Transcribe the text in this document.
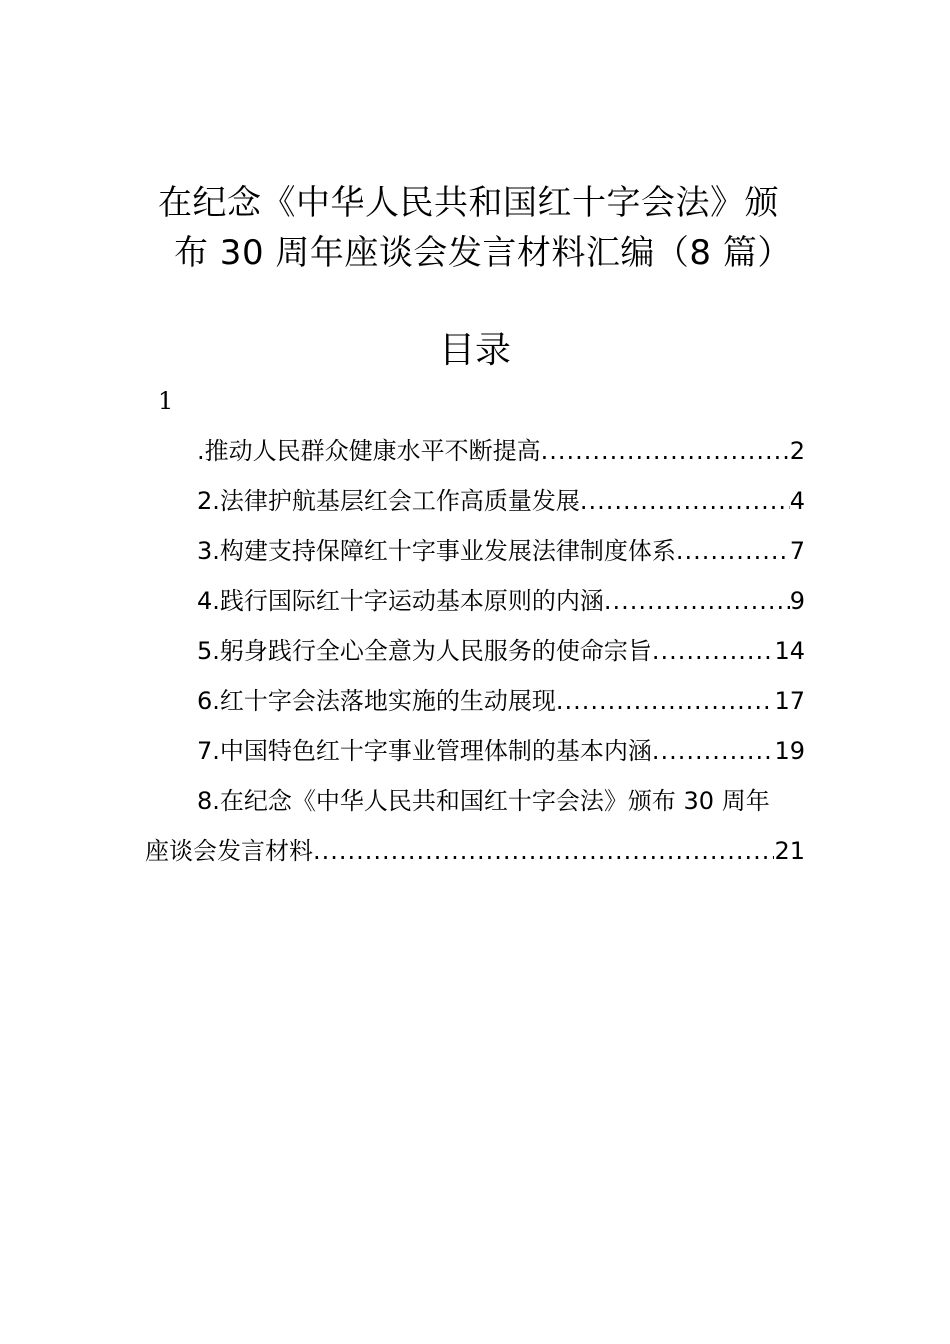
在纪念《中华人民共和国红十字会法》颁
布 30 周年座谈会发言材料汇编（8 篇）
目录
1
.推动人民群众健康水平不断提高 .....	2
2.法律护航基层红会工作高质量发展 .....	4
3.构建支持保障红十字事业发展法律制度体系 .....	7
4.践行国际红十字运动基本原则的内涵 .....	9
5.躬身践行全心全意为人民服务的使命宗旨 .....	14
6.红十字会法落地实施的生动展现 .....	17
7.中国特色红十字事业管理体制的基本内涵 .....	19
8.在纪念《中华人民共和国红十字会法》颁布 30 周年
座谈会发言材料 .....	21
